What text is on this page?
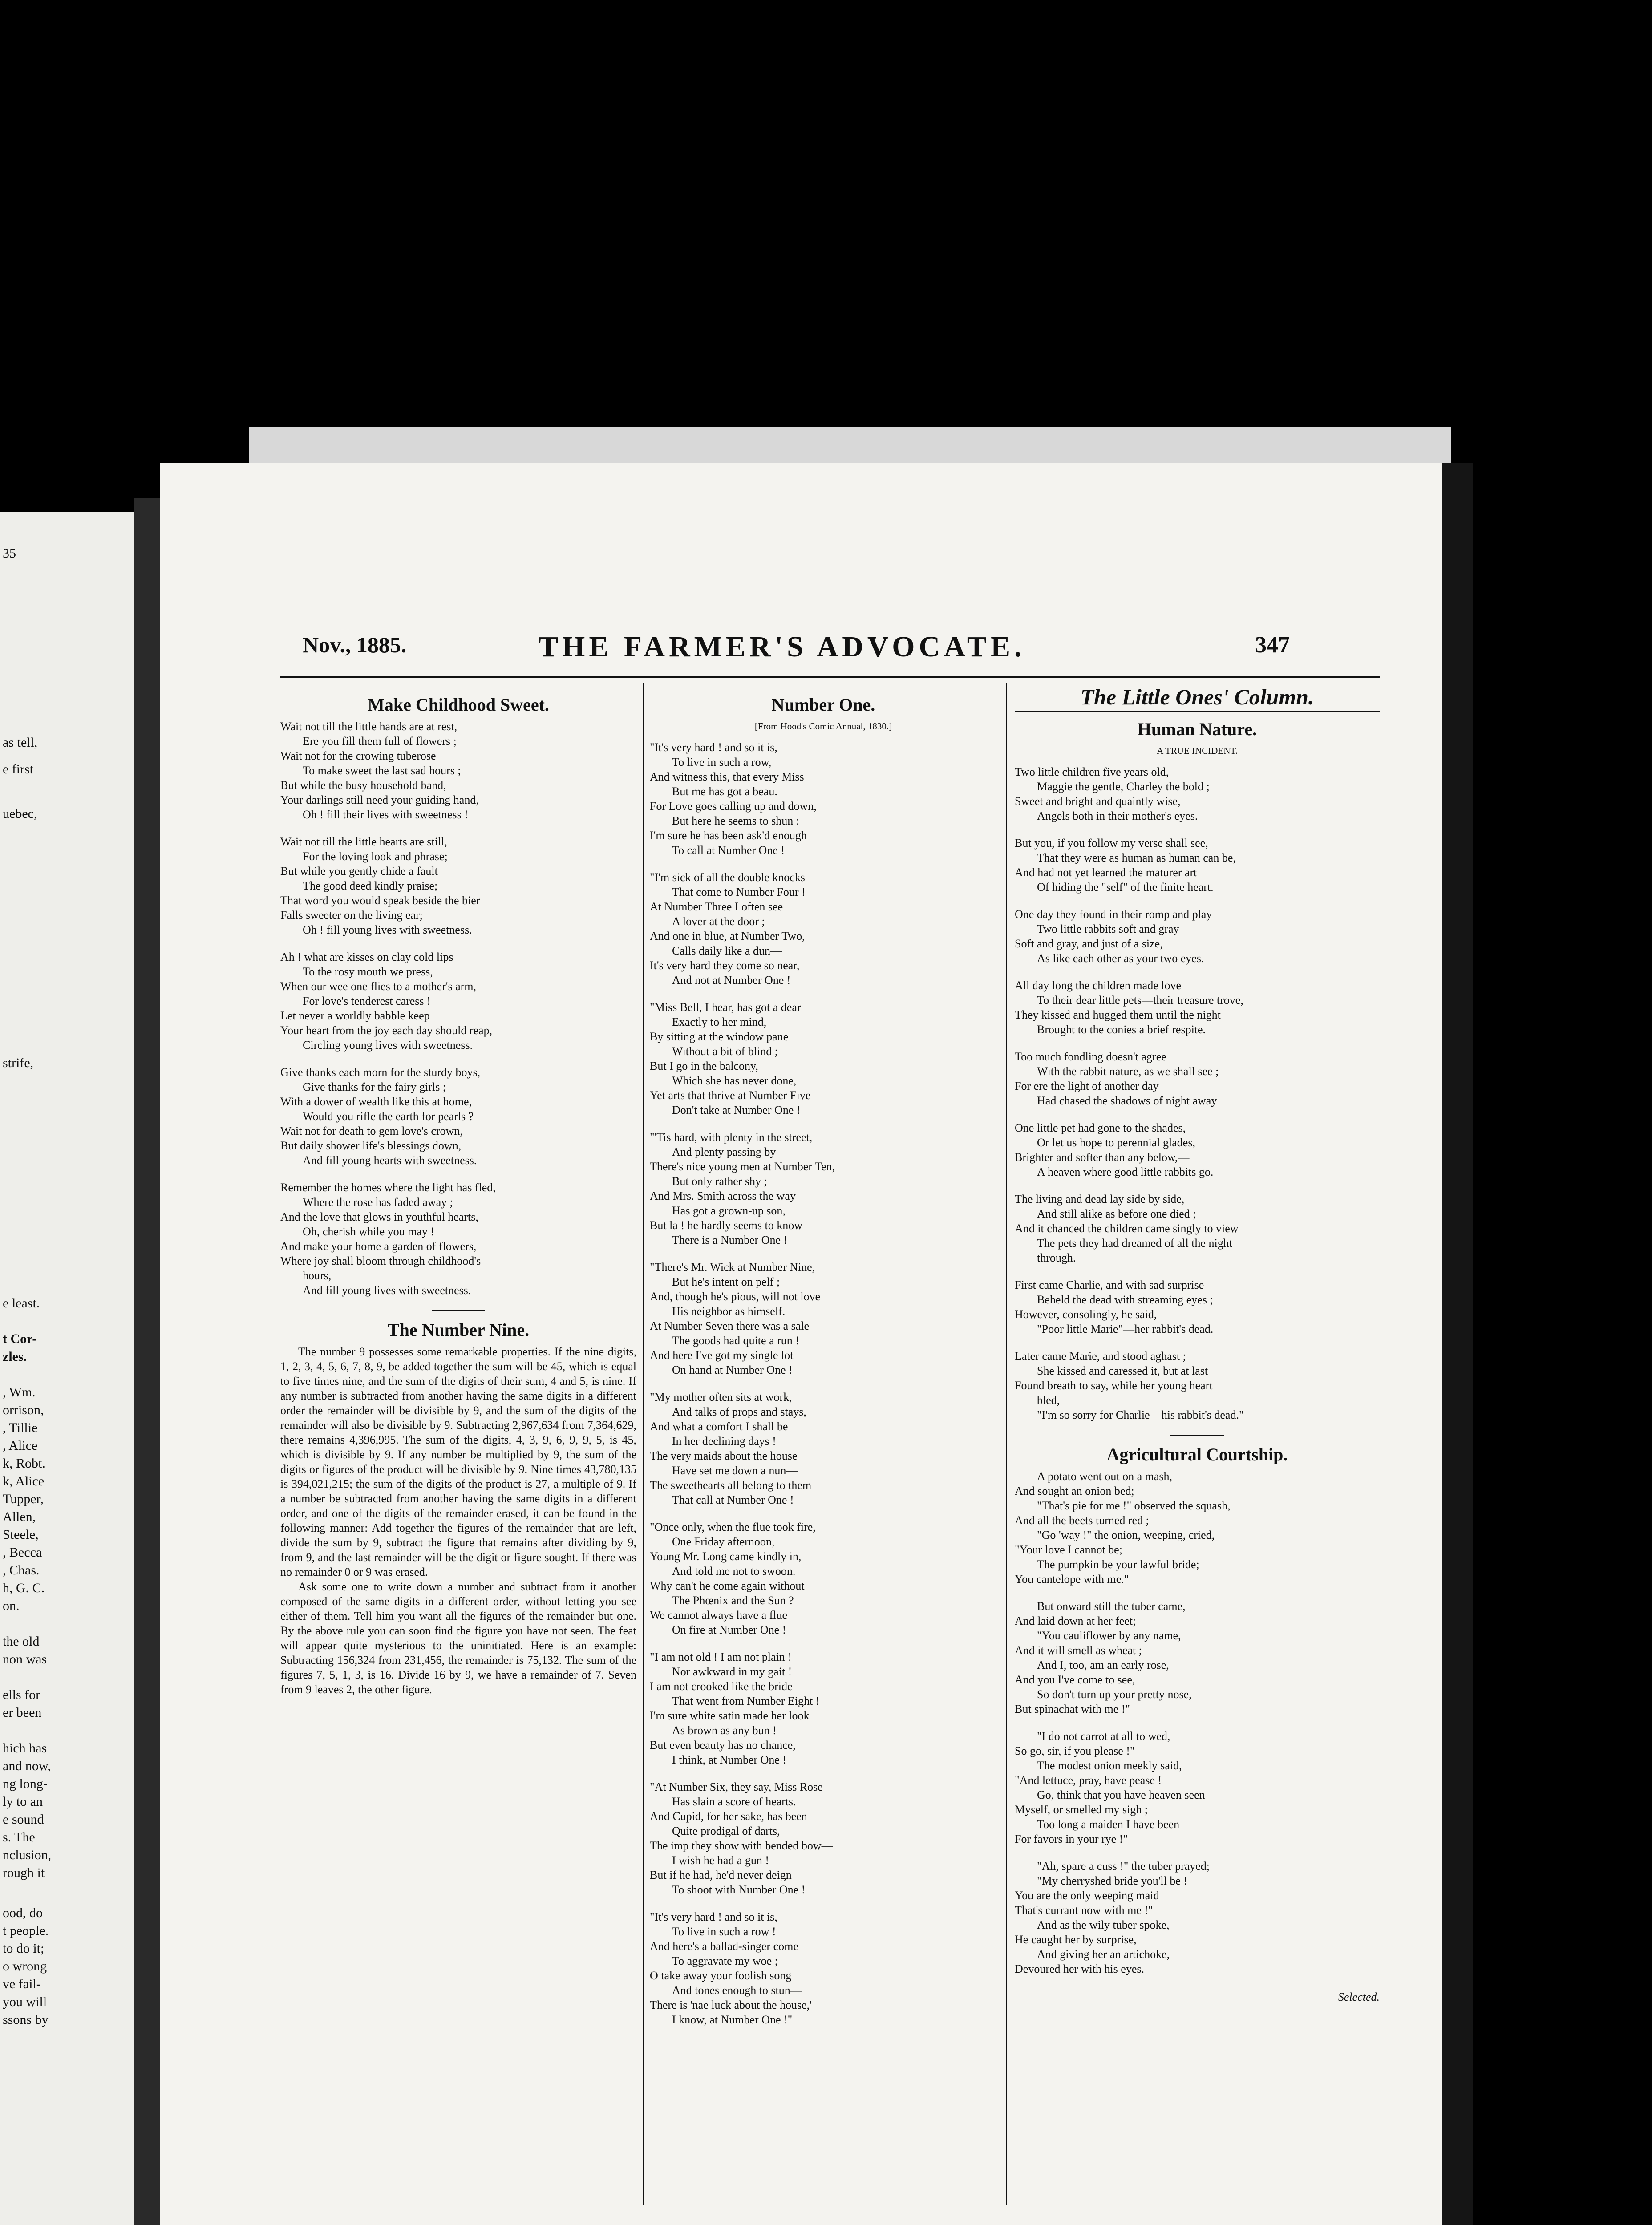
35
as tell,
e first
uebec,
strife,
e least.
t Cor-
zles.
, Wm.
orrison,
, Tillie
, Alice
k, Robt.
k, Alice
Tupper,
Allen,
Steele,
, Becca
, Chas.
h, G. C.
on.
the old
non was
ells for
er been
hich has
and now,
ng long-
ly to an
e sound
s. The
nclusion,
rough it
ood, do
t people.
to do it;
o wrong
ve fail-
you will
ssons by
Nov., 1885.	THE FARMER'S ADVOCATE.	347
Make Childhood Sweet.
Wait not till the little hands are at rest,
Ere you fill them full of flowers ;
Wait not for the crowing tuberose
To make sweet the last sad hours ;
But while the busy household band,
Your darlings still need your guiding hand,
Oh ! fill their lives with sweetness !
Wait not till the little hearts are still,
For the loving look and phrase;
But while you gently chide a fault
The good deed kindly praise;
That word you would speak beside the bier
Falls sweeter on the living ear;
Oh ! fill young lives with sweetness.
Ah ! what are kisses on clay cold lips
To the rosy mouth we press,
When our wee one flies to a mother's arm,
For love's tenderest caress !
Let never a worldly babble keep
Your heart from the joy each day should reap,
Circling young lives with sweetness.
Give thanks each morn for the sturdy boys,
Give thanks for the fairy girls ;
With a dower of wealth like this at home,
Would you rifle the earth for pearls ?
Wait not for death to gem love's crown,
But daily shower life's blessings down,
And fill young hearts with sweetness.
Remember the homes where the light has fled,
Where the rose has faded away ;
And the love that glows in youthful hearts,
Oh, cherish while you may !
And make your home a garden of flowers,
Where joy shall bloom through childhood's
hours,
And fill young lives with sweetness.
The Number Nine.

The number 9 possesses some remarkable properties. If the nine digits, 1, 2, 3, 4, 5, 6, 7, 8, 9, be added together the sum will be 45, which is equal to five times nine, and the sum of the digits of their sum, 4 and 5, is nine. If any number is subtracted from another having the same digits in a different order the remainder will be divisible by 9, and the sum of the digits of the remainder will also be divisible by 9. Subtracting 2,967,634 from 7,364,629, there remains 4,396,995. The sum of the digits, 4, 3, 9, 6, 9, 9, 5, is 45, which is divisible by 9. If any number be multiplied by 9, the sum of the digits or figures of the product will be divisible by 9. Nine times 43,780,135 is 394,021,215; the sum of the digits of the product is 27, a multiple of 9. If a number be subtracted from another having the same digits in a different order, and one of the digits of the remainder erased, it can be found in the following manner: Add together the figures of the remainder that are left, divide the sum by 9, subtract the figure that remains after dividing by 9, from 9, and the last remainder will be the digit or figure sought. If there was no remainder 0 or 9 was erased.

Ask some one to write down a number and subtract from it another composed of the same digits in a different order, without letting you see either of them. Tell him you want all the figures of the remainder but one. By the above rule you can soon find the figure you have not seen. The feat will appear quite mysterious to the uninitiated. Here is an example: Subtracting 156,324 from 231,456, the remainder is 75,132. The sum of the figures 7, 5, 1, 3, is 16. Divide 16 by 9, we have a remainder of 7. Seven from 9 leaves 2, the other figure.

Number One.
[From Hood's Comic Annual, 1830.]
"It's very hard ! and so it is,
To live in such a row,
And witness this, that every Miss
But me has got a beau.
For Love goes calling up and down,
But here he seems to shun :
I'm sure he has been ask'd enough
To call at Number One !
"I'm sick of all the double knocks
That come to Number Four !
At Number Three I often see
A lover at the door ;
And one in blue, at Number Two,
Calls daily like a dun—
It's very hard they come so near,
And not at Number One !
"Miss Bell, I hear, has got a dear
Exactly to her mind,
By sitting at the window pane
Without a bit of blind ;
But I go in the balcony,
Which she has never done,
Yet arts that thrive at Number Five
Don't take at Number One !
"'Tis hard, with plenty in the street,
And plenty passing by—
There's nice young men at Number Ten,
But only rather shy ;
And Mrs. Smith across the way
Has got a grown-up son,
But la ! he hardly seems to know
There is a Number One !
"There's Mr. Wick at Number Nine,
But he's intent on pelf ;
And, though he's pious, will not love
His neighbor as himself.
At Number Seven there was a sale—
The goods had quite a run !
And here I've got my single lot
On hand at Number One !
"My mother often sits at work,
And talks of props and stays,
And what a comfort I shall be
In her declining days !
The very maids about the house
Have set me down a nun—
The sweethearts all belong to them
That call at Number One !
"Once only, when the flue took fire,
One Friday afternoon,
Young Mr. Long came kindly in,
And told me not to swoon.
Why can't he come again without
The Phœnix and the Sun ?
We cannot always have a flue
On fire at Number One !
"I am not old ! I am not plain !
Nor awkward in my gait !
I am not crooked like the bride
That went from Number Eight !
I'm sure white satin made her look
As brown as any bun !
But even beauty has no chance,
I think, at Number One !
"At Number Six, they say, Miss Rose
Has slain a score of hearts.
And Cupid, for her sake, has been
Quite prodigal of darts,
The imp they show with bended bow—
I wish he had a gun !
But if he had, he'd never deign
To shoot with Number One !
"It's very hard ! and so it is,
To live in such a row !
And here's a ballad-singer come
To aggravate my woe ;
O take away your foolish song
And tones enough to stun—
There is 'nae luck about the house,'
I know, at Number One !"
The Little Ones' Column.
Human Nature.
A TRUE INCIDENT.
Two little children five years old,
Maggie the gentle, Charley the bold ;
Sweet and bright and quaintly wise,
Angels both in their mother's eyes.
But you, if you follow my verse shall see,
That they were as human as human can be,
And had not yet learned the maturer art
Of hiding the "self" of the finite heart.
One day they found in their romp and play
Two little rabbits soft and gray—
Soft and gray, and just of a size,
As like each other as your two eyes.
All day long the children made love
To their dear little pets—their treasure trove,
They kissed and hugged them until the night
Brought to the conies a brief respite.
Too much fondling doesn't agree
With the rabbit nature, as we shall see ;
For ere the light of another day
Had chased the shadows of night away
One little pet had gone to the shades,
Or let us hope to perennial glades,
Brighter and softer than any below,—
A heaven where good little rabbits go.
The living and dead lay side by side,
And still alike as before one died ;
And it chanced the children came singly to view
The pets they had dreamed of all the night
through.
First came Charlie, and with sad surprise
Beheld the dead with streaming eyes ;
However, consolingly, he said,
"Poor little Marie"—her rabbit's dead.
Later came Marie, and stood aghast ;
She kissed and caressed it, but at last
Found breath to say, while her young heart
bled,
"I'm so sorry for Charlie—his rabbit's dead."
Agricultural Courtship.
A potato went out on a mash,
And sought an onion bed;
"That's pie for me !" observed the squash,
And all the beets turned red ;
"Go 'way !" the onion, weeping, cried,
"Your love I cannot be;
The pumpkin be your lawful bride;
You cantelope with me."
But onward still the tuber came,
And laid down at her feet;
"You cauliflower by any name,
And it will smell as wheat ;
And I, too, am an early rose,
And you I've come to see,
So don't turn up your pretty nose,
But spinachat with me !"
"I do not carrot at all to wed,
So go, sir, if you please !"
The modest onion meekly said,
"And lettuce, pray, have pease !
Go, think that you have heaven seen
Myself, or smelled my sigh ;
Too long a maiden I have been
For favors in your rye !"
"Ah, spare a cuss !" the tuber prayed;
"My cherryshed bride you'll be !
You are the only weeping maid
That's currant now with me !"
And as the wily tuber spoke,
He caught her by surprise,
And giving her an artichoke,
Devoured her with his eyes.
—Selected.
